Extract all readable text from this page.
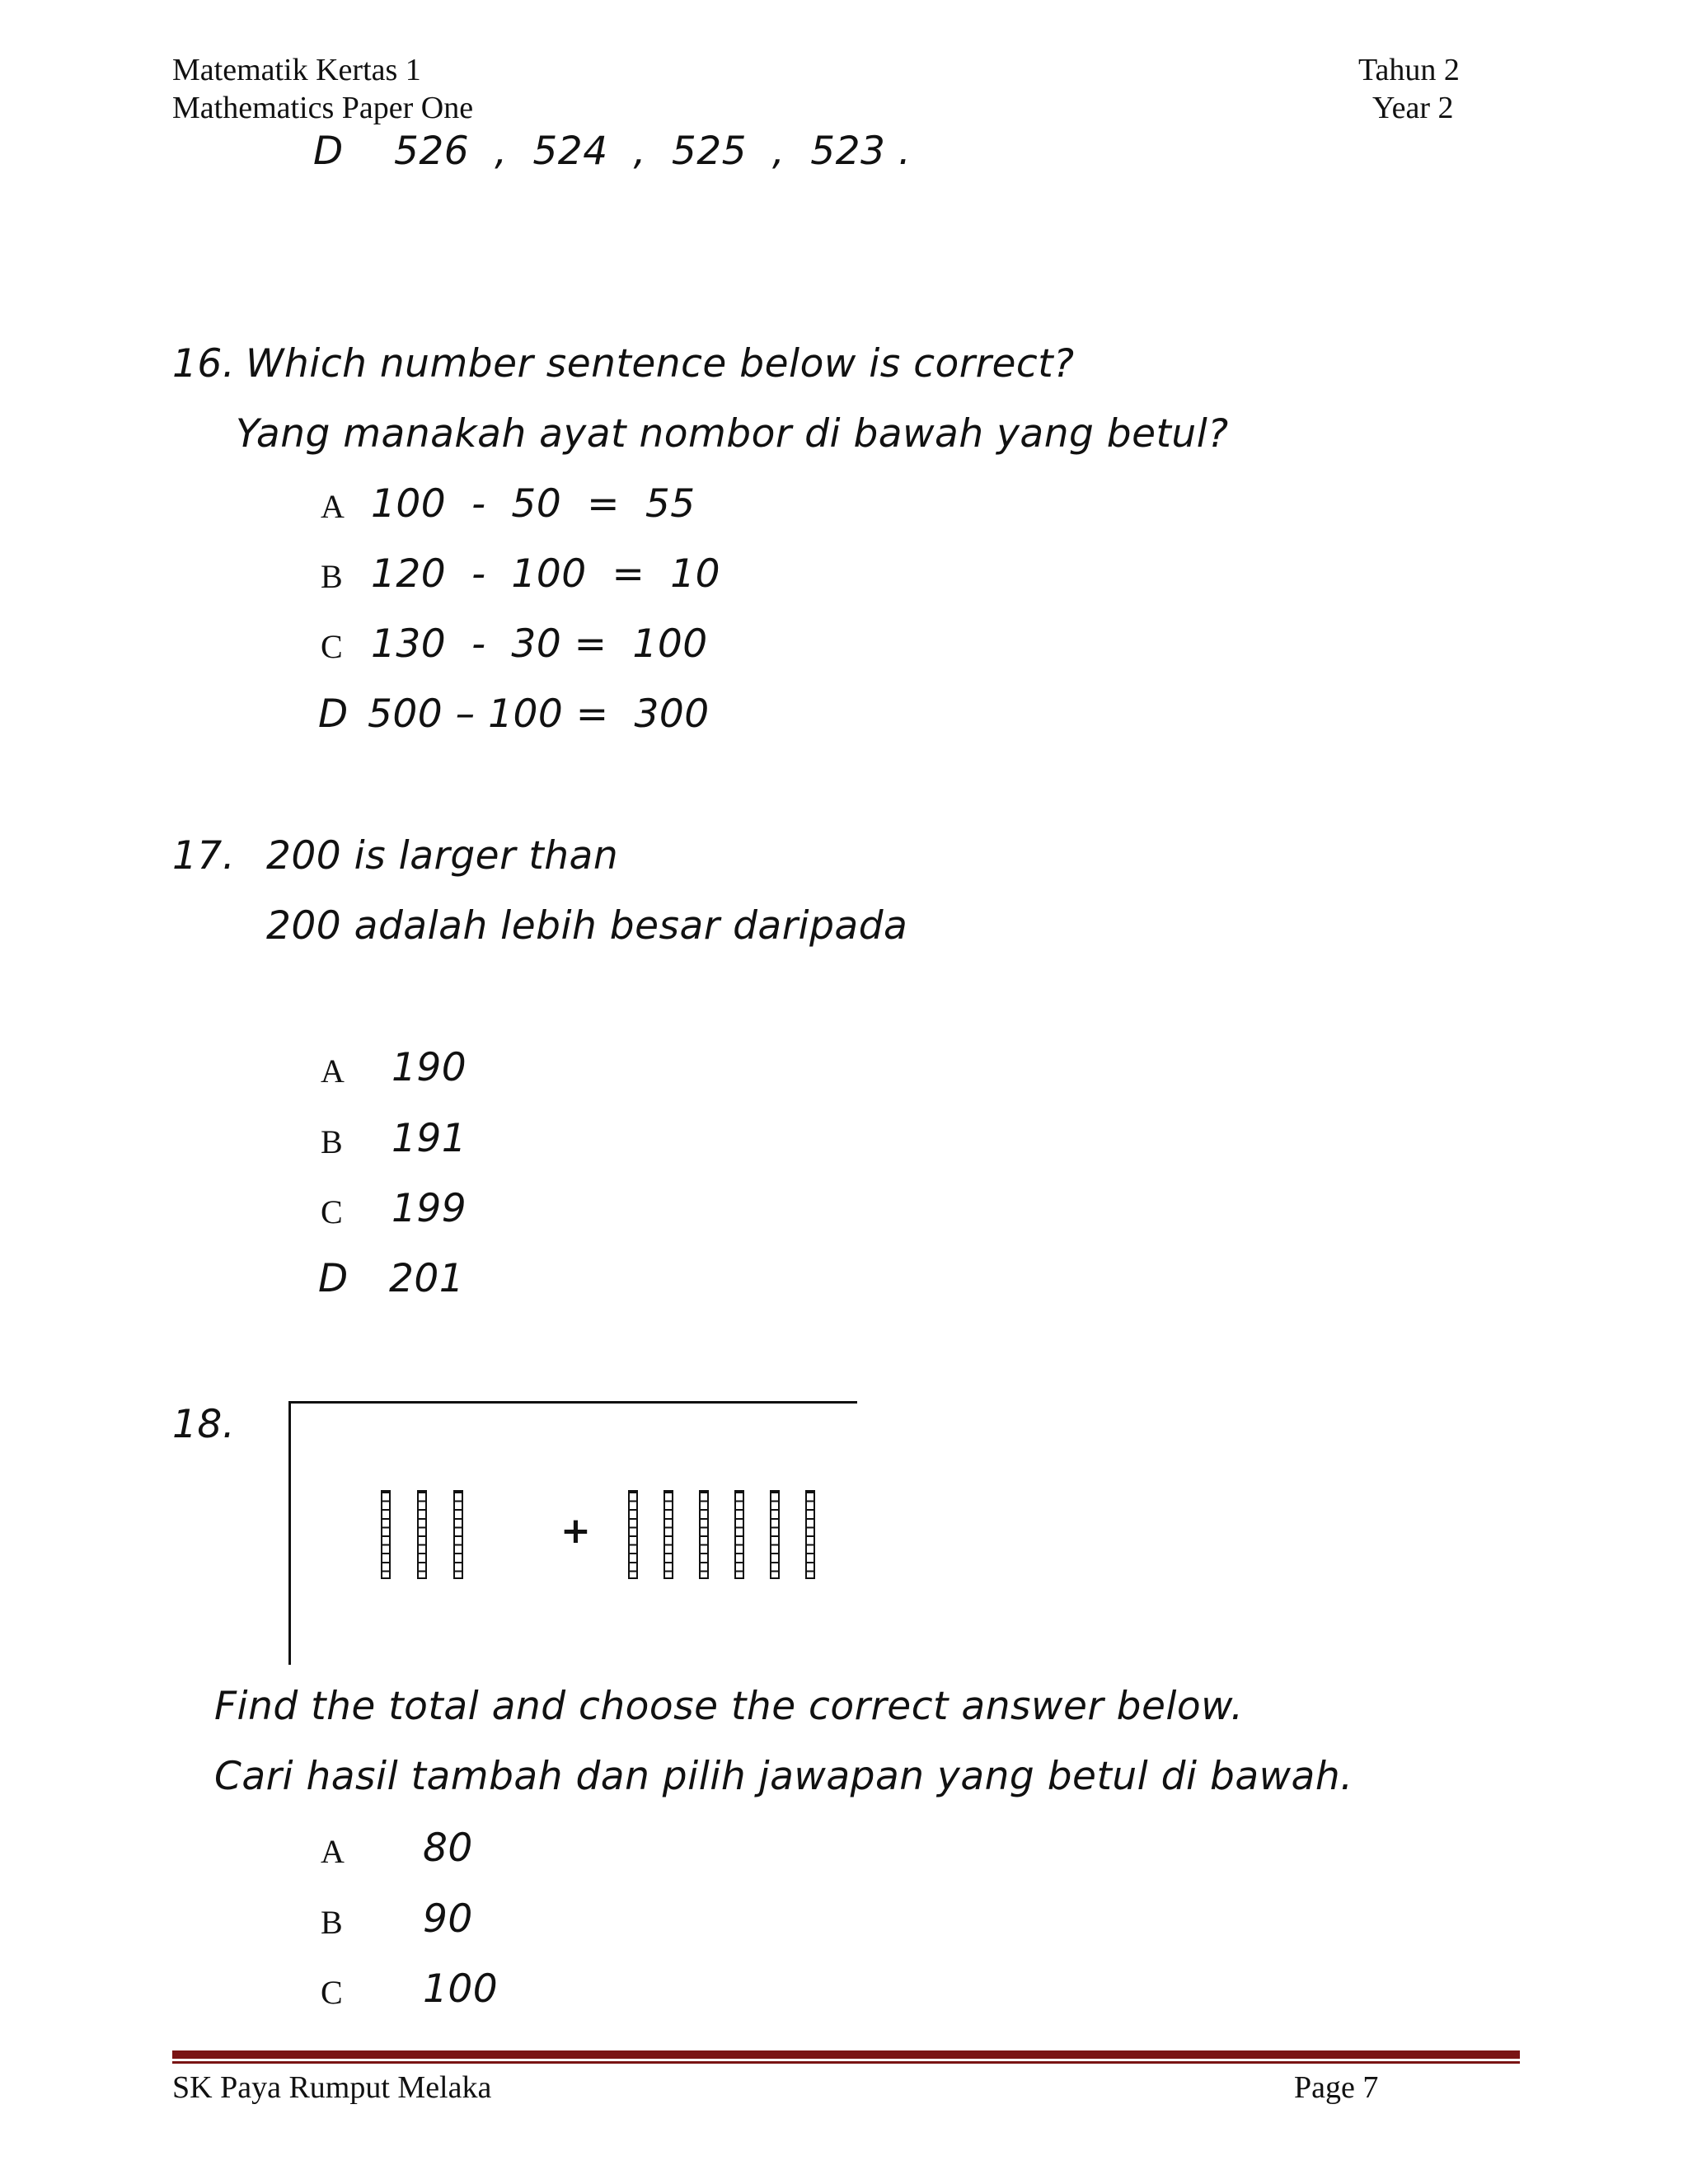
Matematik Kertas 1
Mathematics Paper One
Tahun 2
Year 2
D 526  ,  524  ,  525  ,  523 .
16. Which number sentence below is correct?
Yang manakah ayat nombor di bawah yang betul?
A 100  -  50  =  55
B 120  -  100  =  10
C 130  -  30 =  100
D 500 – 100 =  300
17. 200 is larger than
200 adalah lebih besar daripada
A 190
B 191
C 199
D 201
18.
+
Find the total and choose the correct answer below.
Cari hasil tambah dan pilih jawapan yang betul di bawah.
A 80
B 90
C 100
SK Paya Rumput Melaka	Page 7
